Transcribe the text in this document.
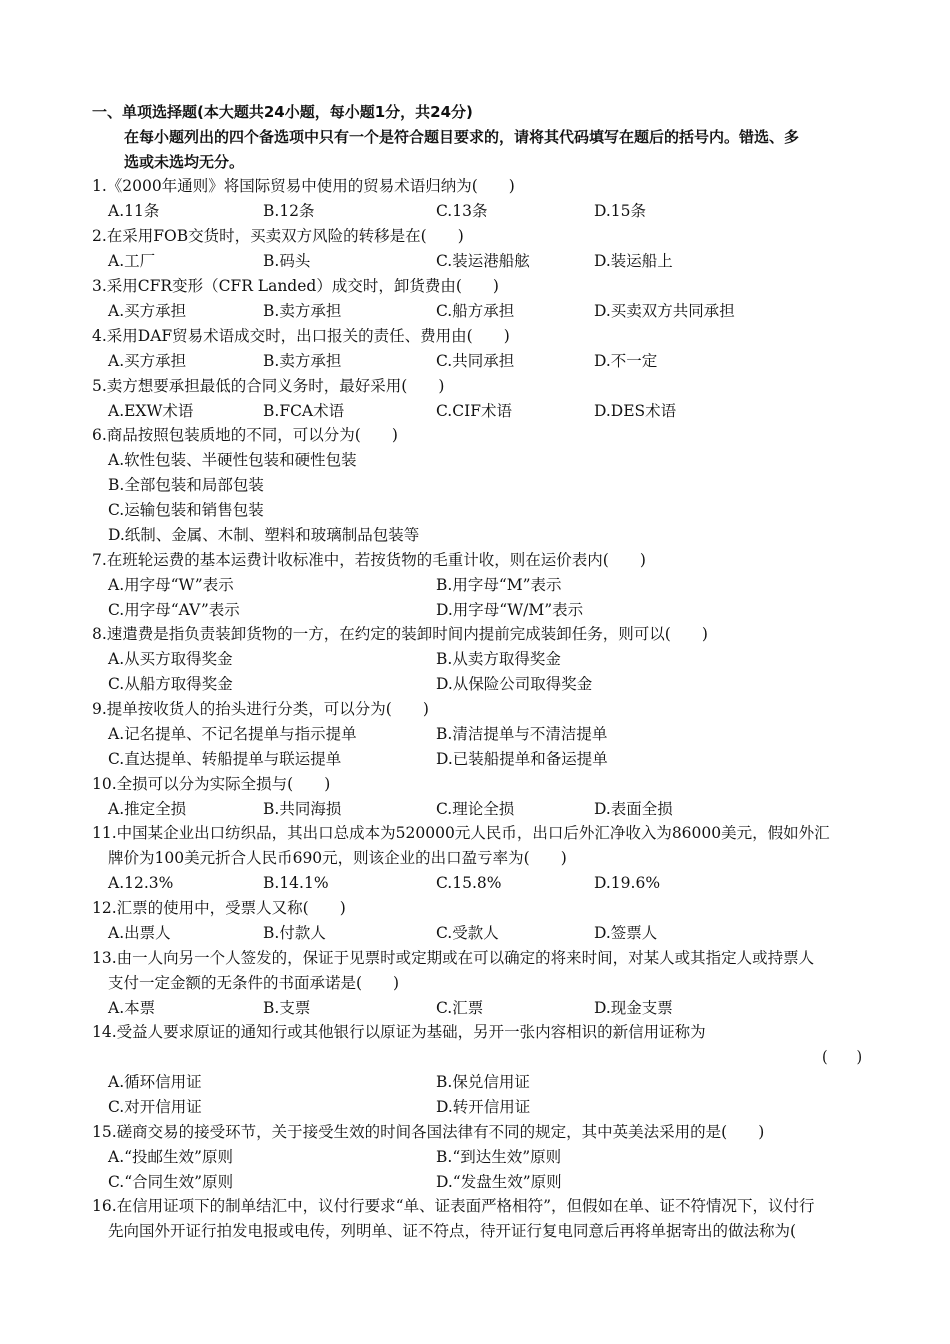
一、单项选择题(本大题共24小题，每小题1分，共24分)
在每小题列出的四个备选项中只有一个是符合题目要求的，请将其代码填写在题后的括号内。错选、多
选或未选均无分。
1.《2000年通则》将国际贸易中使用的贸易术语归纳为(　　)
A.11条	B.12条	C.13条	D.15条
2.在采用FOB交货时，买卖双方风险的转移是在(　　)
A.工厂	B.码头	C.装运港船舷	D.装运船上
3.采用CFR变形（CFR Landed）成交时，卸货费由(　　)
A.买方承担	B.卖方承担	C.船方承担	D.买卖双方共同承担
4.采用DAF贸易术语成交时，出口报关的责任、费用由(　　)
A.买方承担	B.卖方承担	C.共同承担	D.不一定
5.卖方想要承担最低的合同义务时，最好采用(　　)
A.EXW术语	B.FCA术语	C.CIF术语	D.DES术语
6.商品按照包装质地的不同，可以分为(　　)
A.软性包装、半硬性包装和硬性包装
B.全部包装和局部包装
C.运输包装和销售包装
D.纸制、金属、木制、塑料和玻璃制品包装等
7.在班轮运费的基本运费计收标准中，若按货物的毛重计收，则在运价表内(　　)
A.用字母“W”表示	B.用字母“M”表示
C.用字母“AV”表示	D.用字母“W/M”表示
8.速遣费是指负责装卸货物的一方，在约定的装卸时间内提前完成装卸任务，则可以(　　)
A.从买方取得奖金	B.从卖方取得奖金
C.从船方取得奖金	D.从保险公司取得奖金
9.提单按收货人的抬头进行分类，可以分为(　　)
A.记名提单、不记名提单与指示提单	B.清洁提单与不清洁提单
C.直达提单、转船提单与联运提单	D.已装船提单和备运提单
10.全损可以分为实际全损与(　　)
A.推定全损	B.共同海损	C.理论全损	D.表面全损
11.中国某企业出口纺织品，其出口总成本为520000元人民币，出口后外汇净收入为86000美元，假如外汇
牌价为100美元折合人民币690元，则该企业的出口盈亏率为(　　)
A.12.3%	B.14.1%	C.15.8%	D.19.6%
12.汇票的使用中，受票人又称(　　)
A.出票人	B.付款人	C.受款人	D.签票人
13.由一人向另一个人签发的，保证于见票时或定期或在可以确定的将来时间，对某人或其指定人或持票人
支付一定金额的无条件的书面承诺是(　　)
A.本票	B.支票	C.汇票	D.现金支票
14.受益人要求原证的通知行或其他银行以原证为基础，另开一张内容相识的新信用证称为
(　　)
A.循环信用证	B.保兑信用证
C.对开信用证	D.转开信用证
15.磋商交易的接受环节，关于接受生效的时间各国法律有不同的规定，其中英美法采用的是(　　)
A.“投邮生效”原则	B.“到达生效”原则
C.“合同生效”原则	D.“发盘生效”原则
16.在信用证项下的制单结汇中，议付行要求“单、证表面严格相符”，但假如在单、证不符情况下，议付行
先向国外开证行拍发电报或电传，列明单、证不符点，待开证行复电同意后再将单据寄出的做法称为(
